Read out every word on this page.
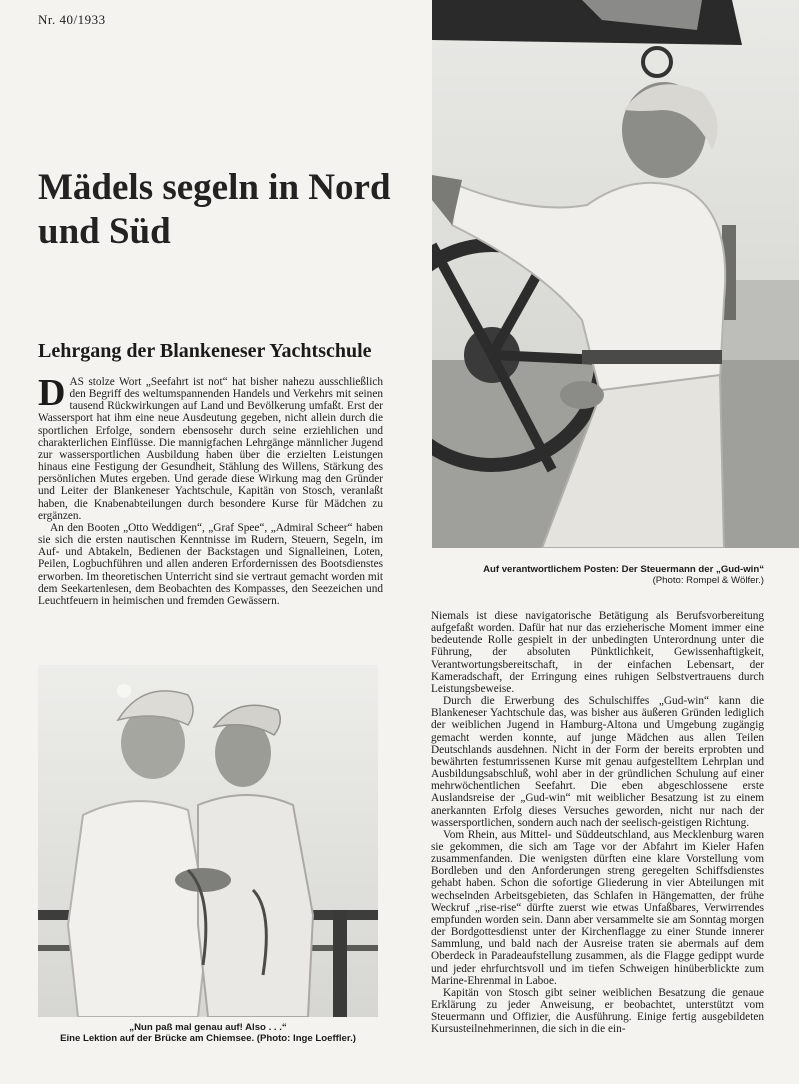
Nr. 40/1933
Mädels segeln in Nord und Süd
Lehrgang der Blankeneser Yachtschule

DAS stolze Wort „Seefahrt ist not“ hat bisher nahezu ausschließlich den Begriff des weltumspannenden Handels und Verkehrs mit seinen tausend Rückwirkungen auf Land und Bevölkerung umfaßt. Erst der Wassersport hat ihm eine neue Ausdeutung gegeben, nicht allein durch die sportlichen Erfolge, sondern ebensosehr durch seine erziehlichen und charakterlichen Einflüsse. Die mannigfachen Lehrgänge männlicher Jugend zur wassersportlichen Ausbildung haben über die erzielten Leistungen hinaus eine Festigung der Gesundheit, Stählung des Willens, Stärkung des persönlichen Mutes ergeben. Und gerade diese Wirkung mag den Gründer und Leiter der Blankeneser Yachtschule, Kapitän von Stosch, veranlaßt haben, die Knabenabteilungen durch besondere Kurse für Mädchen zu ergänzen.

An den Booten „Otto Weddigen“, „Graf Spee“, „Admiral Scheer“ haben sie sich die ersten nautischen Kenntnisse im Rudern, Steuern, Segeln, im Auf- und Abtakeln, Bedienen der Backstagen und Signalleinen, Loten, Peilen, Logbuchführen und allen anderen Erfordernissen des Bootsdienstes erworben. Im theoretischen Unterricht sind sie vertraut gemacht worden mit dem Seekartenlesen, dem Beobachten des Kompasses, den Seezeichen und Leuchtfeuern in heimischen und fremden Gewässern.

Niemals ist diese navigatorische Betätigung als Berufsvorbereitung aufgefaßt worden. Dafür hat nur das erzieherische Moment immer eine bedeutende Rolle gespielt in der unbedingten Unterordnung unter die Führung, der absoluten Pünktlichkeit, Gewissenhaftigkeit, Verantwortungsbereitschaft, in der einfachen Lebensart, der Kameradschaft, der Erringung eines ruhigen Selbstvertrauens durch Leistungsbeweise.

Durch die Erwerbung des Schulschiffes „Gud-win“ kann die Blankeneser Yachtschule das, was bisher aus äußeren Gründen lediglich der weiblichen Jugend in Hamburg-Altona und Umgebung zugängig gemacht werden konnte, auf junge Mädchen aus allen Teilen Deutschlands ausdehnen. Nicht in der Form der bereits erprobten und bewährten festumrissenen Kurse mit genau aufgestelltem Lehrplan und Ausbildungsabschluß, wohl aber in der gründlichen Schulung auf einer mehrwöchentlichen Seefahrt. Die eben abgeschlossene erste Auslandsreise der „Gud-win“ mit weiblicher Besatzung ist zu einem anerkannten Erfolg dieses Versuches geworden, nicht nur nach der wassersportlichen, sondern auch nach der seelisch-geistigen Richtung.

Vom Rhein, aus Mittel- und Süddeutschland, aus Mecklenburg waren sie gekommen, die sich am Tage vor der Abfahrt im Kieler Hafen zusammenfanden. Die wenigsten dürften eine klare Vorstellung vom Bordleben und den Anforderungen streng geregelten Schiffsdienstes gehabt haben. Schon die sofortige Gliederung in vier Abteilungen mit wechselnden Arbeitsgebieten, das Schlafen in Hängematten, der frühe Weckruf „rise-rise“ dürfte zuerst wie etwas Unfaßbares, Verwirrendes empfunden worden sein. Dann aber versammelte sie am Sonntag morgen der Bordgottesdienst unter der Kirchenflagge zu einer Stunde innerer Sammlung, und bald nach der Ausreise traten sie abermals auf dem Oberdeck in Paradeaufstellung zusammen, als die Flagge gedippt wurde und jeder ehrfurchtsvoll und im tiefen Schweigen hinüberblickte zum Marine-Ehrenmal in Laboe.

Kapitän von Stosch gibt seiner weiblichen Besatzung die genaue Erklärung zu jeder Anweisung, er beobachtet, unterstützt vom Steuermann und Offizier, die Ausführung. Einige fertig ausgebildeten Kursusteilnehmerinnen, die sich in die ein-

Auf verantwortlichem Posten: Der Steuermann der „Gud-win“
(Photo: Rompel & Wölfer.)
„Nun paß mal genau auf! Also . . .“
Eine Lektion auf der Brücke am Chiemsee. (Photo: Inge Loeffler.)
